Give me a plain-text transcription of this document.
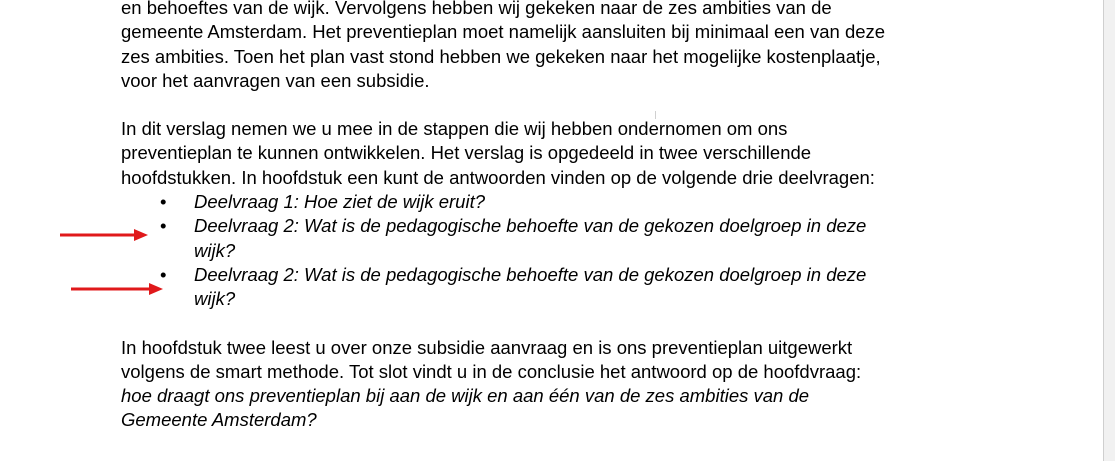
en behoeftes van de wijk. Vervolgens hebben wij gekeken naar de zes ambities van de
gemeente Amsterdam. Het preventieplan moet namelijk aansluiten bij minimaal een van deze
zes ambities. Toen het plan vast stond hebben we gekeken naar het mogelijke kostenplaatje,
voor het aanvragen van een subsidie.

In dit verslag nemen we u mee in de stappen die wij hebben ondernomen om ons
preventieplan te kunnen ontwikkelen. Het verslag is opgedeeld in twee verschillende
hoofdstukken. In hoofdstuk een kunt de antwoorden vinden op de volgende drie deelvragen:

• Deelvraag 1: Hoe ziet de wijk eruit?
• Deelvraag 2: Wat is de pedagogische behoefte van de gekozen doelgroep in deze
wijk?
• Deelvraag 2: Wat is de pedagogische behoefte van de gekozen doelgroep in deze
wijk?

In hoofdstuk twee leest u over onze subsidie aanvraag en is ons preventieplan uitgewerkt
volgens de smart methode. Tot slot vindt u in de conclusie het antwoord op de hoofdvraag:
hoe draagt ons preventieplan bij aan de wijk en aan één van de zes ambities van de
Gemeente Amsterdam?
